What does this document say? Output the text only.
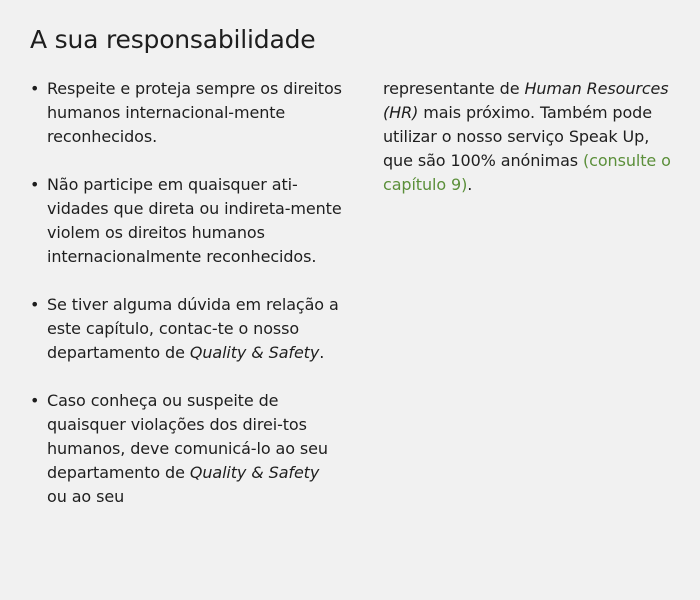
A sua responsabilidade
• Respeite e proteja sempre os direitos humanos internacional-mente reconhecidos.
• Não participe em quaisquer ati-vidades que direta ou indireta-mente violem os direitos humanos internacionalmente reconhecidos.
• Se tiver alguma dúvida em relação a este capítulo, contac-te o nosso departamento de Quality & Safety.
• Caso conheça ou suspeite de quaisquer violações dos direi-tos humanos, deve comunicá-lo ao seu departamento de Quality & Safety ou ao seu

representante de Human Resources (HR) mais próximo. Também pode utilizar o nosso serviço Speak Up, que são 100% anónimas (consulte o capítulo 9).
